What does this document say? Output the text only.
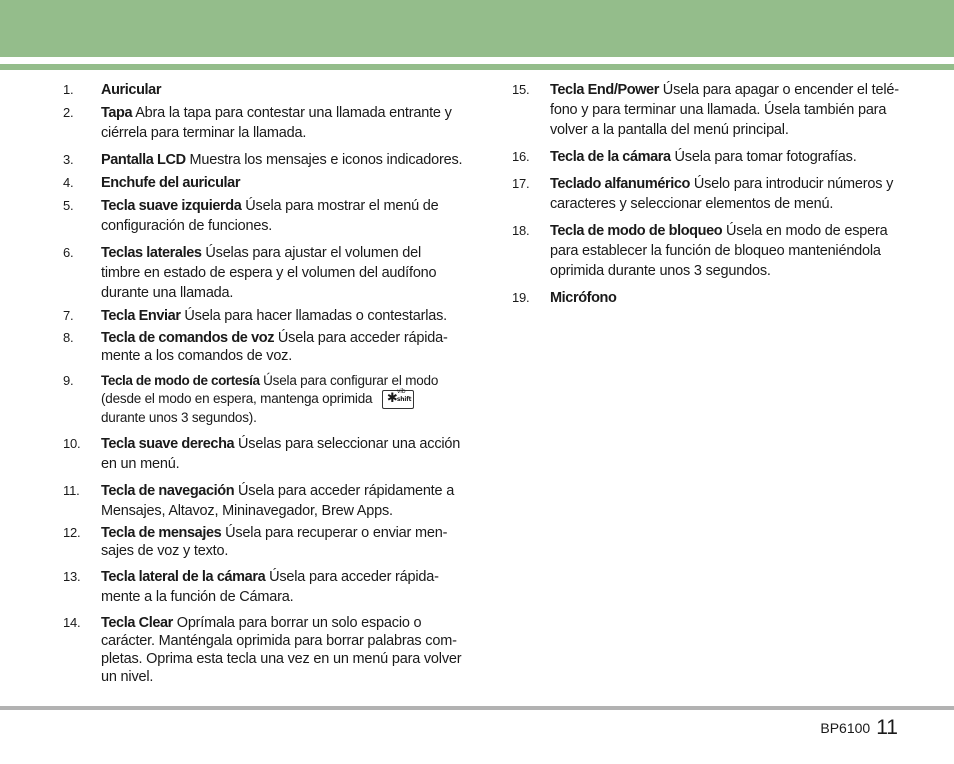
1. Auricular
2. Tapa Abra la tapa para contestar una llamada entrante y ciérrela para terminar la llamada.
3. Pantalla LCD Muestra los mensajes e iconos indicadores.
4. Enchufe del auricular
5. Tecla suave izquierda Úsela para mostrar el menú de configuración de funciones.
6. Teclas laterales Úselas para ajustar el volumen del timbre en estado de espera y el volumen del audífono durante una llamada.
7. Tecla Enviar Úsela para hacer llamadas o contestarlas.
8. Tecla de comandos de voz Úsela para acceder rápida-mente a los comandos de voz.
9. Tecla de modo de cortesía Úsela para configurar el modo (desde el modo en espera, mantenga oprimida ✱ vib
shift

durante unos 3 segundos).
10. Tecla suave derecha Úselas para seleccionar una acción en un menú.
11. Tecla de navegación Úsela para acceder rápidamente a Mensajes, Altavoz, Mininavegador, Brew Apps.
12. Tecla de mensajes Úsela para recuperar o enviar men-sajes de voz y texto.
13. Tecla lateral de la cámara Úsela para acceder rápida-mente a la función de Cámara.
14. Tecla Clear Oprímala para borrar un solo espacio o carácter. Manténgala oprimida para borrar palabras com-pletas. Oprima esta tecla una vez en un menú para volver un nivel.
15. Tecla End/Power Úsela para apagar o encender el telé-fono y para terminar una llamada. Úsela también para volver a la pantalla del menú principal.
16. Tecla de la cámara Úsela para tomar fotografías.
17. Teclado alfanumérico Úselo para introducir números y caracteres y seleccionar elementos de menú.
18. Tecla de modo de bloqueo Úsela en modo de espera para establecer la función de bloqueo manteniéndola oprimida durante unos 3 segundos.
19. Micrófono
BP6100 11
